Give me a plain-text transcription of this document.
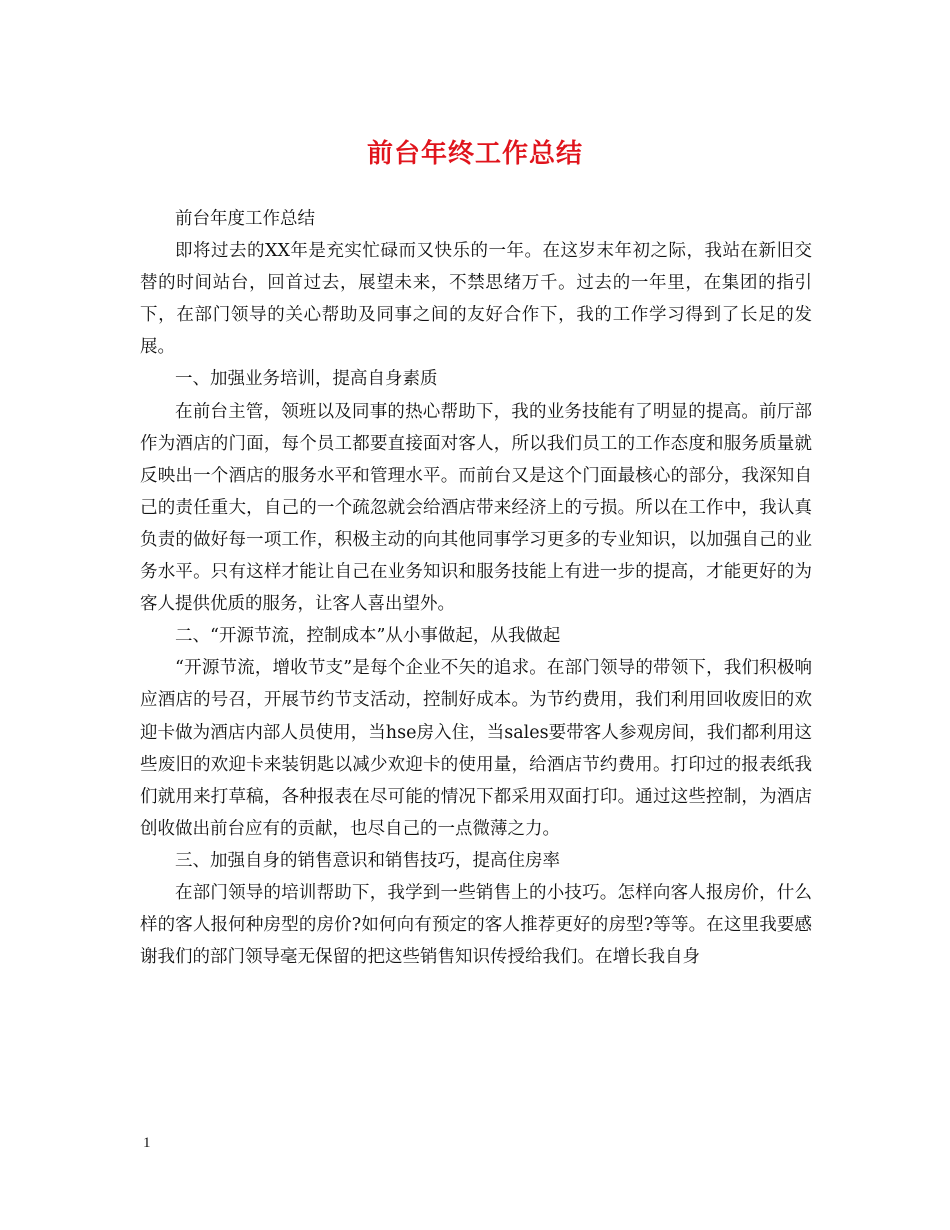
前台年终工作总结

前台年度工作总结

即将过去的XX年是充实忙碌而又快乐的一年。在这岁末年初之际，我站在新旧交替的时间站台，回首过去，展望未来，不禁思绪万千。过去的一年里，在集团的指引下，在部门领导的关心帮助及同事之间的友好合作下，我的工作学习得到了长足的发展。

一、加强业务培训，提高自身素质

在前台主管，领班以及同事的热心帮助下，我的业务技能有了明显的提高。前厅部作为酒店的门面，每个员工都要直接面对客人，所以我们员工的工作态度和服务质量就反映出一个酒店的服务水平和管理水平。而前台又是这个门面最核心的部分，我深知自己的责任重大，自己的一个疏忽就会给酒店带来经济上的亏损。所以在工作中，我认真负责的做好每一项工作，积极主动的向其他同事学习更多的专业知识，以加强自己的业务水平。只有这样才能让自己在业务知识和服务技能上有进一步的提高，才能更好的为客人提供优质的服务，让客人喜出望外。

二、“开源节流，控制成本”从小事做起，从我做起

“开源节流，增收节支”是每个企业不矢的追求。在部门领导的带领下，我们积极响应酒店的号召，开展节约节支活动，控制好成本。为节约费用，我们利用回收废旧的欢迎卡做为酒店内部人员使用，当hse房入住，当sales要带客人参观房间，我们都利用这些废旧的欢迎卡来装钥匙以减少欢迎卡的使用量，给酒店节约费用。打印过的报表纸我们就用来打草稿，各种报表在尽可能的情况下都采用双面打印。通过这些控制，为酒店创收做出前台应有的贡献，也尽自己的一点微薄之力。

三、加强自身的销售意识和销售技巧，提高住房率

在部门领导的培训帮助下，我学到一些销售上的小技巧。怎样向客人报房价，什么样的客人报何种房型的房价?如何向有预定的客人推荐更好的房型?等等。在这里我要感谢我们的部门领导毫无保留的把这些销售知识传授给我们。在增长我自身

1
